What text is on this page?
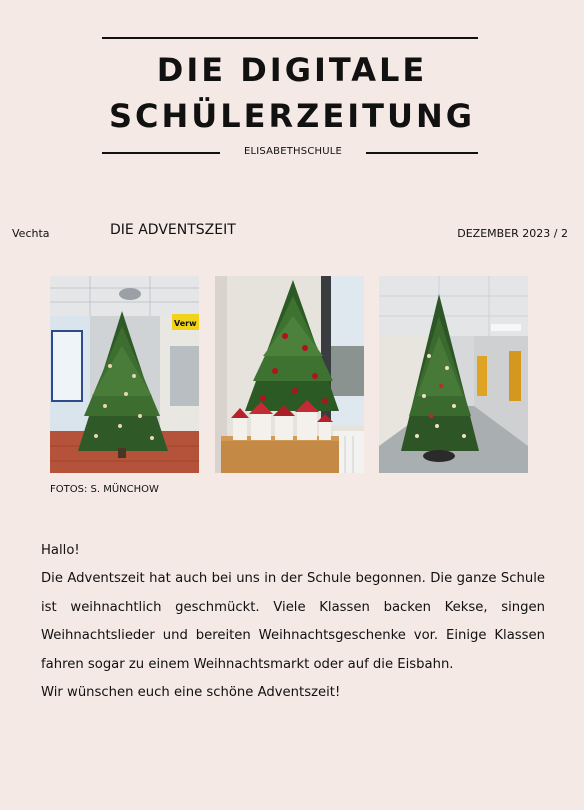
DIE DIGITALE
SCHÜLERZEITUNG
ELISABETHSCHULE
Vechta	DIE ADVENTSZEIT	DEZEMBER 2023 / 2
Verw
FOTOS: S. MÜNCHOW

Hallo!

Die Adventszeit hat auch bei uns in der Schule begonnen. Die ganze Schule ist weihnachtlich geschmückt. Viele Klassen backen Kekse, singen Weihnachtslieder und bereiten Weihnachtsgeschenke vor. Einige Klassen fahren sogar zu einem Weihnachtsmarkt oder auf die Eisbahn.

Wir wünschen euch eine schöne Adventszeit!
